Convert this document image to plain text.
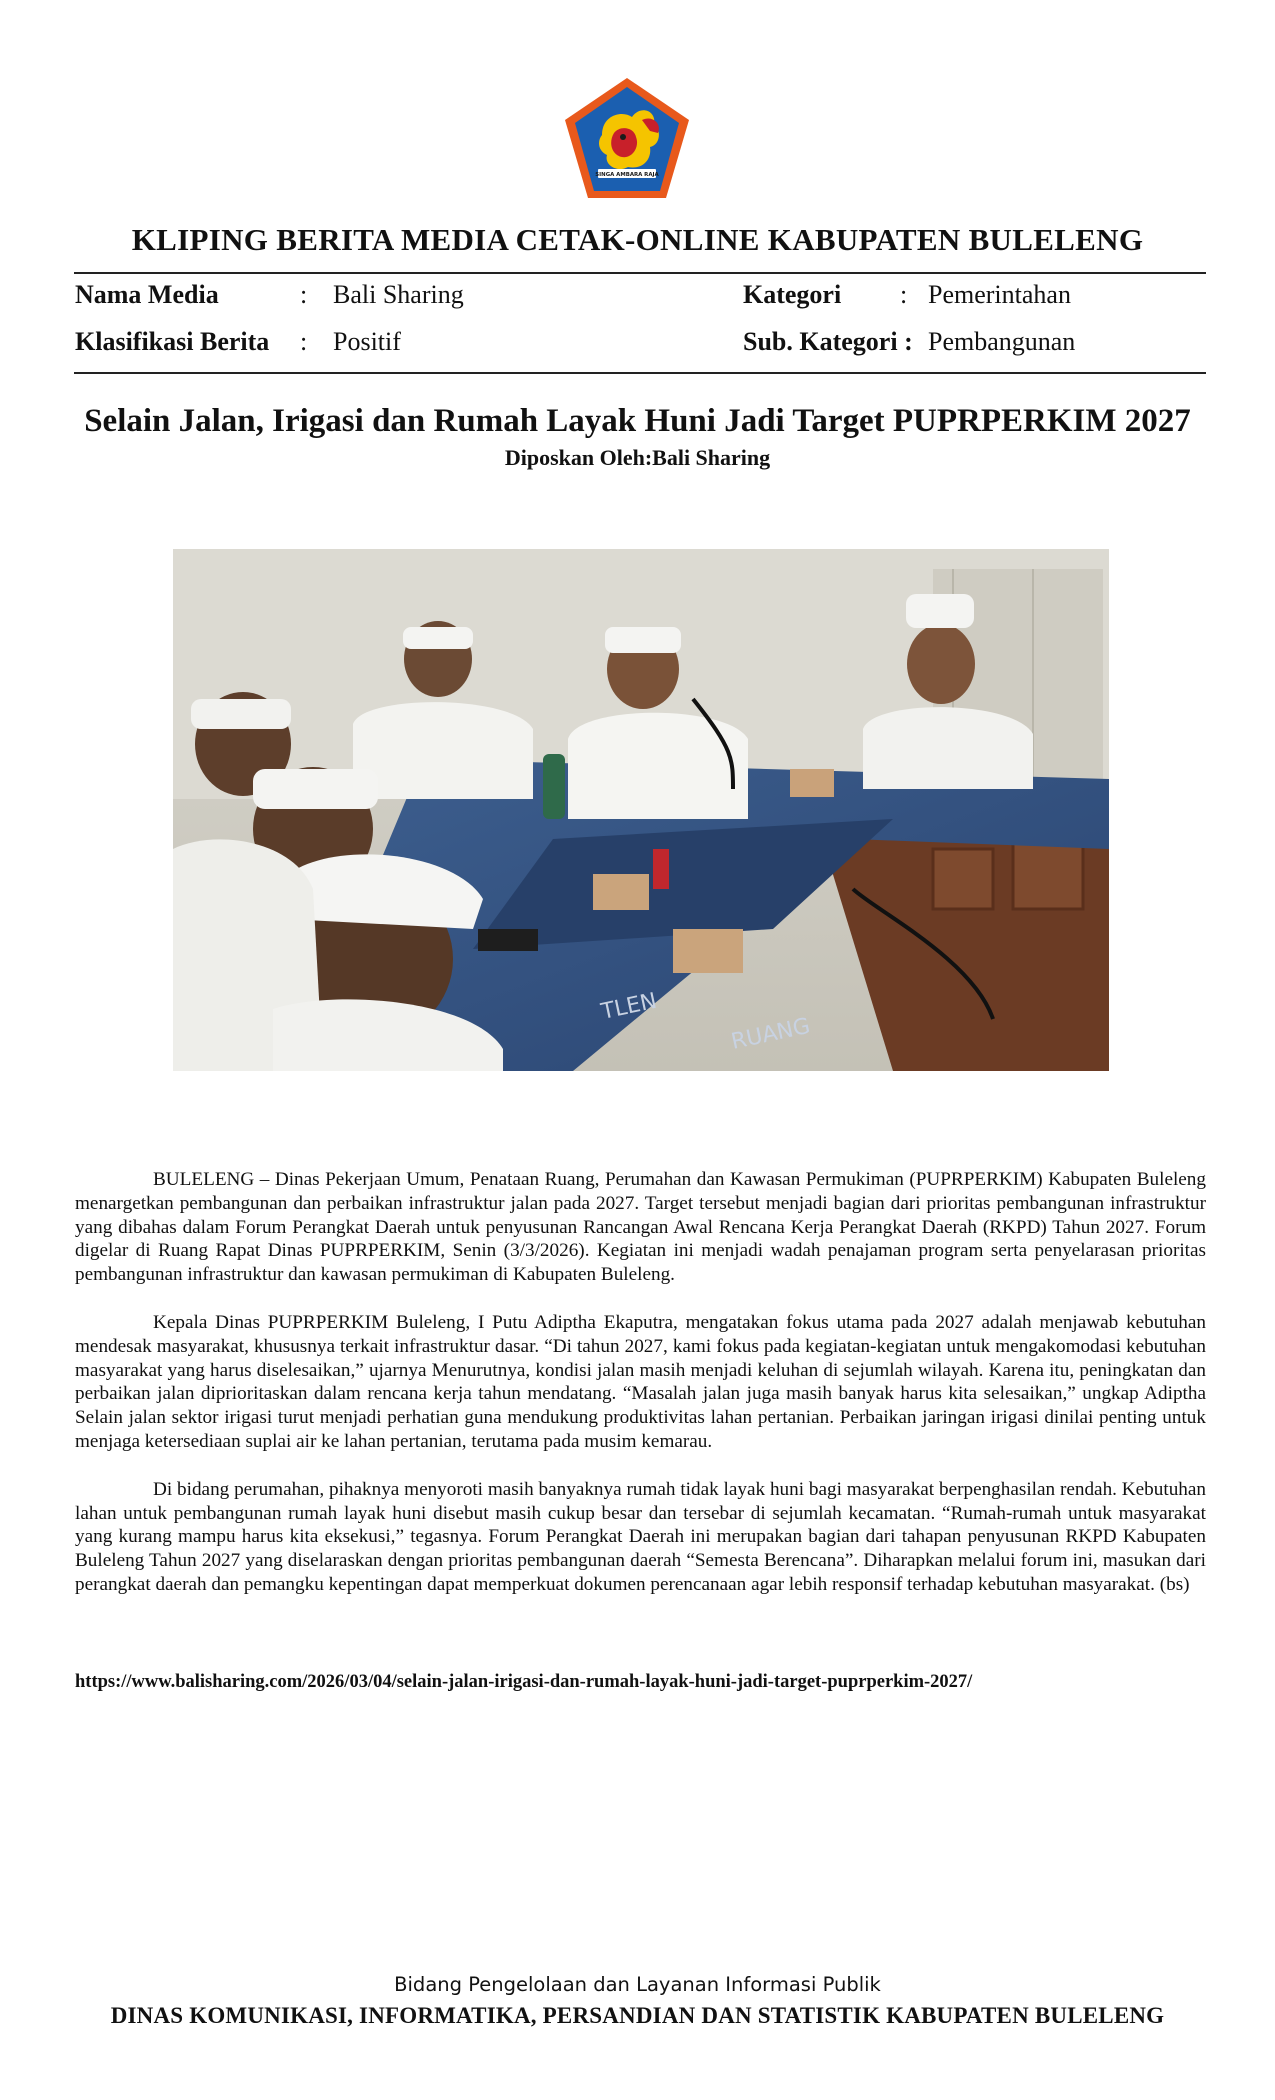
SINGA AMBARA RAJA
KLIPING BERITA MEDIA CETAK-ONLINE KABUPATEN BULELENG
Nama Media	: Bali Sharing
Klasifikasi Berita : Positif
Kategori : Pemerintahan
Sub. Kategori : Pembangunan
Selain Jalan, Irigasi dan Rumah Layak Huni Jadi Target PUPRPERKIM 2027
Diposkan Oleh:Bali Sharing
TLEN
RUANG

BULELENG – Dinas Pekerjaan Umum, Penataan Ruang, Perumahan dan Kawasan Permukiman (PUPRPERKIM) Kabupaten Buleleng menargetkan pembangunan dan perbaikan infrastruktur jalan pada 2027. Target tersebut menjadi bagian dari prioritas pembangunan infrastruktur yang dibahas dalam Forum Perangkat Daerah untuk penyusunan Rancangan Awal Rencana Kerja Perangkat Daerah (RKPD) Tahun 2027. Forum digelar di Ruang Rapat Dinas PUPRPERKIM, Senin (3/3/2026). Kegiatan ini menjadi wadah penajaman program serta penyelarasan prioritas pembangunan infrastruktur dan kawasan permukiman di Kabupaten Buleleng.

Kepala Dinas PUPRPERKIM Buleleng, I Putu Adiptha Ekaputra, mengatakan fokus utama pada 2027 adalah menjawab kebutuhan mendesak masyarakat, khususnya terkait infrastruktur dasar. “Di tahun 2027, kami fokus pada kegiatan-kegiatan untuk mengakomodasi kebutuhan masyarakat yang harus diselesaikan,” ujarnya Menurutnya, kondisi jalan masih menjadi keluhan di sejumlah wilayah. Karena itu, peningkatan dan perbaikan jalan diprioritaskan dalam rencana kerja tahun mendatang. “Masalah jalan juga masih banyak harus kita selesaikan,” ungkap Adiptha Selain jalan sektor irigasi turut menjadi perhatian guna mendukung produktivitas lahan pertanian. Perbaikan jaringan irigasi dinilai penting untuk menjaga ketersediaan suplai air ke lahan pertanian, terutama pada musim kemarau.

Di bidang perumahan, pihaknya menyoroti masih banyaknya rumah tidak layak huni bagi masyarakat berpenghasilan rendah. Kebutuhan lahan untuk pembangunan rumah layak huni disebut masih cukup besar dan tersebar di sejumlah kecamatan. “Rumah-rumah untuk masyarakat yang kurang mampu harus kita eksekusi,” tegasnya. Forum Perangkat Daerah ini merupakan bagian dari tahapan penyusunan RKPD Kabupaten Buleleng Tahun 2027 yang diselaraskan dengan prioritas pembangunan daerah “Semesta Berencana”. Diharapkan melalui forum ini, masukan dari perangkat daerah dan pemangku kepentingan dapat memperkuat dokumen perencanaan agar lebih responsif terhadap kebutuhan masyarakat. (bs)

https://www.balisharing.com/2026/03/04/selain-jalan-irigasi-dan-rumah-layak-huni-jadi-target-puprperkim-2027/
Bidang Pengelolaan dan Layanan Informasi Publik
DINAS KOMUNIKASI, INFORMATIKA, PERSANDIAN DAN STATISTIK KABUPATEN BULELENG
